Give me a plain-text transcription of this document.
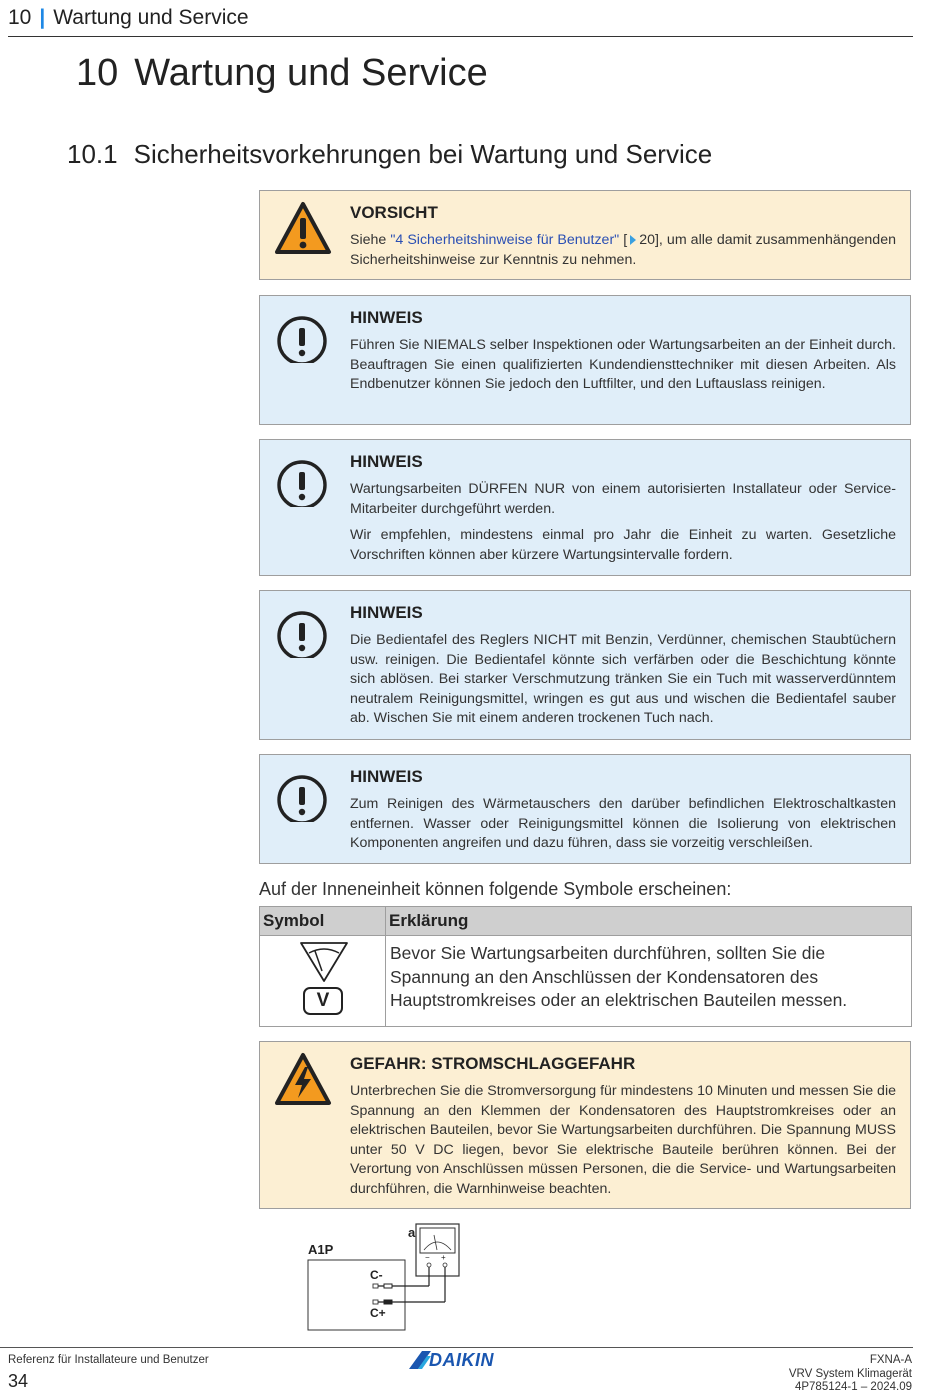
10 | Wartung und Service
10 Wartung und Service
10.1 Sicherheitsvorkehrungen bei Wartung und Service
VORSICHT
Siehe "4 Sicherheitshinweise für Benutzer" [ 20], um alle damit zusammenhängenden Sicherheitshinweise zur Kenntnis zu nehmen.
HINWEIS

Führen Sie NIEMALS selber Inspektionen oder Wartungsarbeiten an der Einheit durch. Beauftragen Sie einen qualifizierten Kundendiensttechniker mit diesen Arbeiten. Als Endbenutzer können Sie jedoch den Luftfilter, und den Luftauslass reinigen.

HINWEIS

Wartungsarbeiten DÜRFEN NUR von einem autorisierten Installateur oder Service-Mitarbeiter durchgeführt werden.

Wir empfehlen, mindestens einmal pro Jahr die Einheit zu warten. Gesetzliche Vorschriften können aber kürzere Wartungsintervalle fordern.

HINWEIS

Die Bedientafel des Reglers NICHT mit Benzin, Verdünner, chemischen Staubtüchern usw. reinigen. Die Bedientafel könnte sich verfärben oder die Beschichtung könnte sich ablösen. Bei starker Verschmutzung tränken Sie ein Tuch mit wasserverdünntem neutralem Reinigungsmittel, wringen es gut aus und wischen die Bedientafel sauber ab. Wischen Sie mit einem anderen trockenen Tuch nach.

HINWEIS

Zum Reinigen des Wärmetauschers den darüber befindlichen Elektroschaltkasten entfernen. Wasser oder Reinigungsmittel können die Isolierung von elektrischen Komponenten angreifen und dazu führen, dass sie vorzeitig verschleißen.

Auf der Inneneinheit können folgende Symbole erscheinen:
Symbol	Erklärung

V	Bevor Sie Wartungsarbeiten durchführen, sollten Sie die Spannung an den Anschlüssen der Kondensatoren des Hauptstromkreises oder an elektrischen Bauteilen messen.
GEFAHR: STROMSCHLAGGEFAHR
Unterbrechen Sie die Stromversorgung für mindestens 10 Minuten und messen Sie die Spannung an den Klemmen der Kondensatoren des Hauptstromkreises oder an elektrischen Bauteilen, bevor Sie Wartungsarbeiten durchführen. Die Spannung MUSS unter 50 V DC liegen, bevor Sie elektrische Bauteile berühren können. Bei der Verortung von Anschlüssen müssen Personen, die die Service- und Wartungsarbeiten durchführen, die Warnhinweise beachten.
A1P
a
− +
C-
C+
Referenz für Installateure und Benutzer
34
DAIKIN	FXNA-A
VRV System Klimagerät
4P785124-1 – 2024.09
